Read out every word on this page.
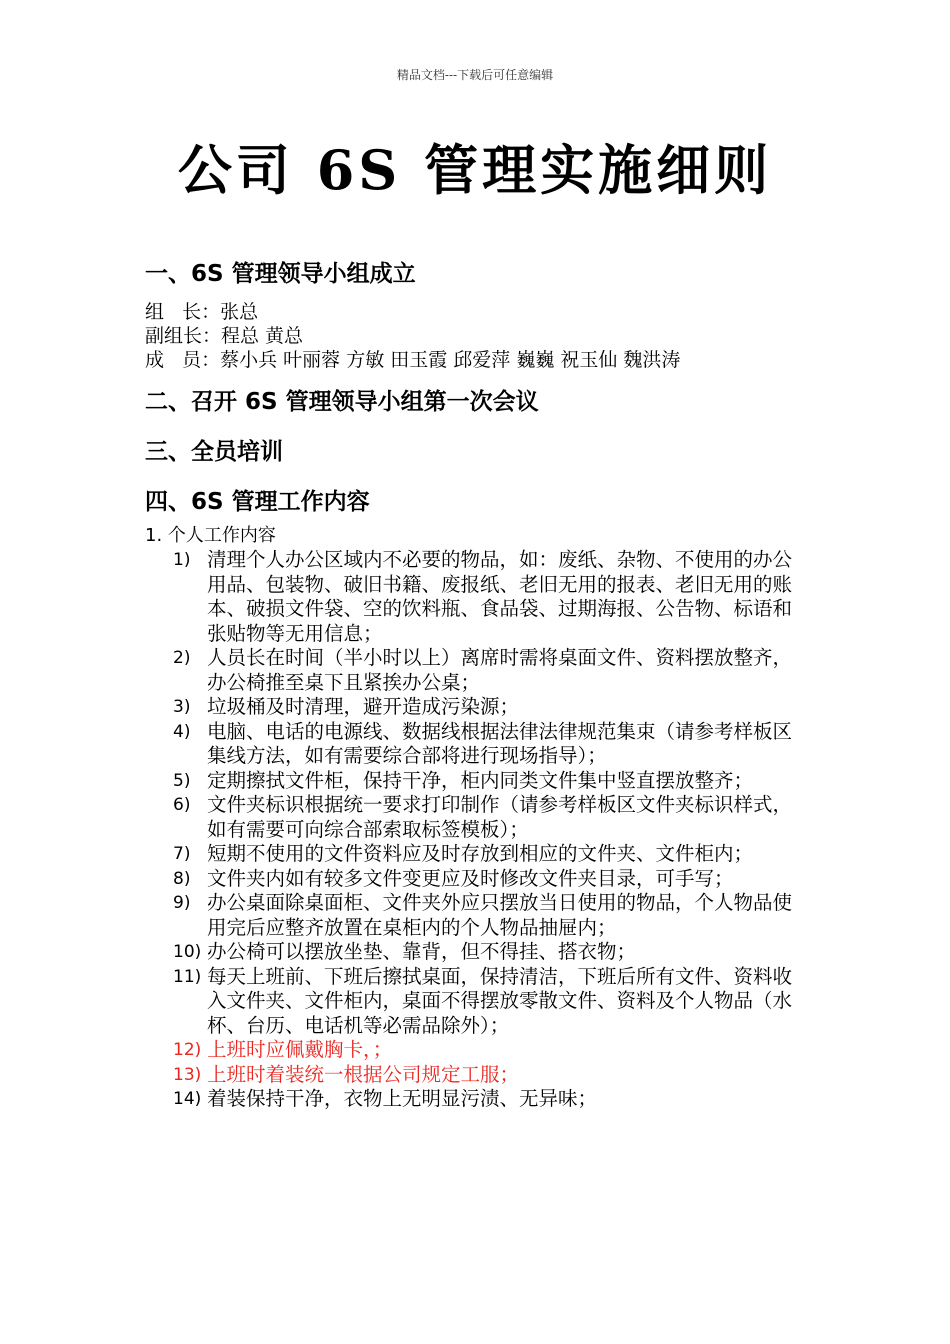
精品文档---下载后可任意编辑
公司 6S 管理实施细则
一、6S 管理领导小组成立
组   长： 张总
副组长： 程总 黄总
成   员：蔡小兵 叶丽蓉 方敏 田玉霞 邱爱萍 巍巍 祝玉仙 魏洪涛
二、召开 6S 管理领导小组第一次会议
三、全员培训
四、6S 管理工作内容
1. 个人工作内容
1) 清理个人办公区域内不必要的物品，如：废纸、杂物、不使用的办公用品、包装物、破旧书籍、废报纸、老旧无用的报表、老旧无用的账本、破损文件袋、空的饮料瓶、食品袋、过期海报、公告物、标语和张贴物等无用信息；
2) 人员长在时间（半小时以上）离席时需将桌面文件、资料摆放整齐，办公椅推至桌下且紧挨办公桌；
3) 垃圾桶及时清理，避开造成污染源；
4) 电脑、电话的电源线、数据线根据法律法律规范集束（请参考样板区集线方法，如有需要综合部将进行现场指导）；
5) 定期擦拭文件柜，保持干净，柜内同类文件集中竖直摆放整齐；
6) 文件夹标识根据统一要求打印制作（请参考样板区文件夹标识样式，如有需要可向综合部索取标签模板）；
7) 短期不使用的文件资料应及时存放到相应的文件夹、文件柜内；
8) 文件夹内如有较多文件变更应及时修改文件夹目录，可手写；
9) 办公桌面除桌面柜、文件夹外应只摆放当日使用的物品，个人物品使用完后应整齐放置在桌柜内的个人物品抽屉内；
10) 办公椅可以摆放坐垫、靠背，但不得挂、搭衣物；
11) 每天上班前、下班后擦拭桌面，保持清洁，下班后所有文件、资料收入文件夹、文件柜内，桌面不得摆放零散文件、资料及个人物品（水杯、台历、电话机等必需品除外）；
12) 上班时应佩戴胸卡，；
13) 上班时着装统一根据公司规定工服；
14) 着装保持干净，衣物上无明显污渍、无异味；
